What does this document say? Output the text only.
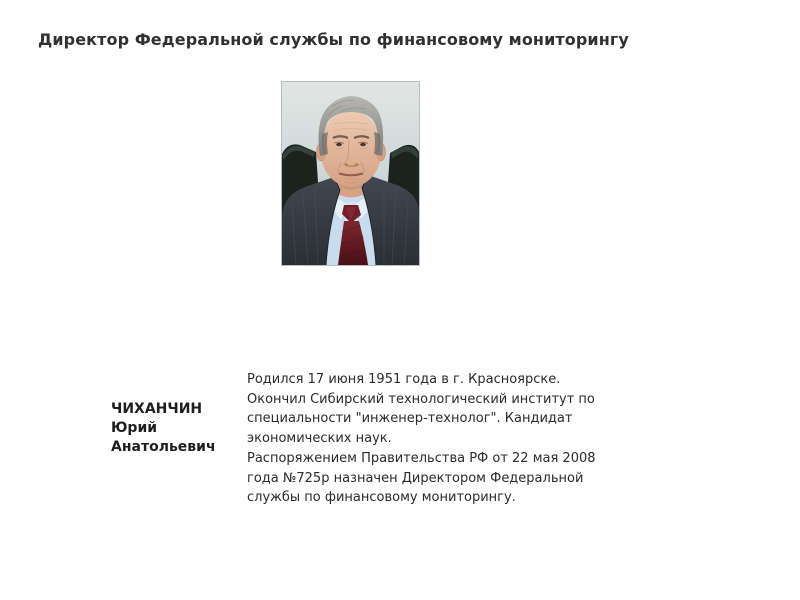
Директор Федеральной службы по финансовому мониторингу
ЧИХАНЧИН
Юрий
Анатольевич
Родился 17 июня 1951 года в г. Красноярске.
Окончил Сибирский технологический институт по
специальности "инженер-технолог". Кандидат
экономических наук.
Распоряжением Правительства РФ от 22 мая 2008
года №725р назначен Директором Федеральной
службы по финансовому мониторингу.
